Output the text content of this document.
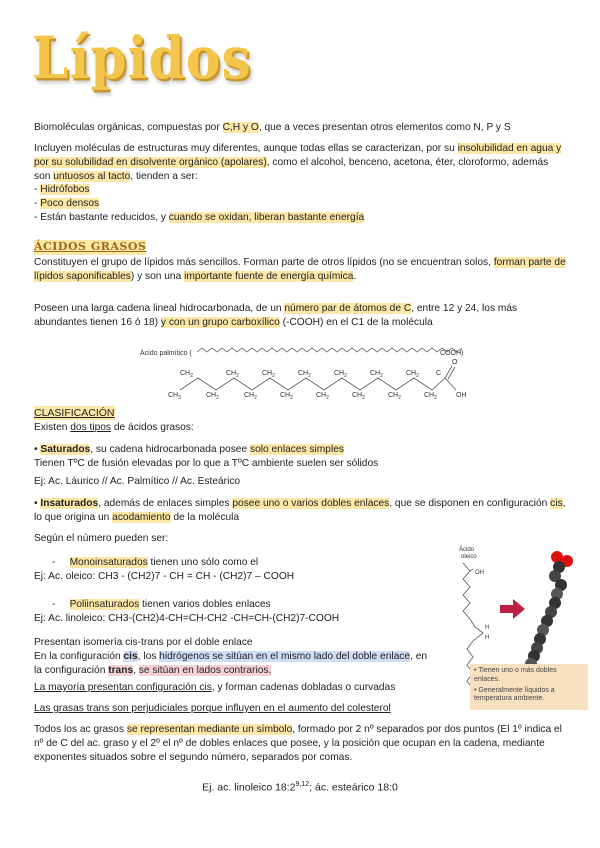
Lípidos

Biomoléculas orgánicas, compuestas por C,H y O, que a veces presentan otros elementos como N, P y S

Incluyen moléculas de estructuras muy diferentes, aunque todas ellas se caracterizan, por su insolubilidad en agua y por su solubilidad en disolvente orgánico (apolares), como el alcohol, benceno, acetona, éter, cloroformo, además son untuosos al tacto, tienden a ser:
- Hidrófobos
- Poco densos
- Están bastante reducidos, y cuando se oxidan, liberan bastante energía

ÁCIDOS GRASOS

Constituyen el grupo de lípidos más sencillos. Forman parte de otros lípidos (no se encuentran solos, forman parte de lípidos saponificables) y son una importante fuente de energía química.

Poseen una larga cadena lineal hidrocarbonada, de un número par de átomos de C, entre 12 y 24, los más abundantes tienen 16 ó 18) y con un grupo carboxílico (-COOH) en el C1 de la molécula

Ácido palmítico (	COOH)
O
OH
$CH_3$
$CH_2$
$CH_2$
$CH_2$
$CH_2$
$CH_2$
$CH_2$
$CH_2$
$CH_2$
$CH_2$
$CH_2$
$CH_2$
$CH_2$
$CH_2$
$CH_2$
C
CLASIFICACIÓN

Existen dos tipos de ácidos grasos:

• Saturados, su cadena hidrocarbonada posee solo enlaces simples
Tienen TºC de fusión elevadas por lo que a TºC ambiente suelen ser sólidos

Ej: Ac. Láurico // Ac. Palmítico // Ac. Esteárico

• Insaturados, además de enlaces simples posee uno o varios dobles enlaces, que se disponen en configuración cis, lo que origina un acodamiento de la molécula

Según el número pueden ser:

- Monoinsaturados tienen uno sólo como el

Ej: Ac. oleico: CH3 - (CH2)7 - CH = CH - (CH2)7 – COOH

- Poliinsaturados tienen varios dobles enlaces

Ej: Ac. linoleico: CH3-(CH2)4-CH=CH-CH2 -CH=CH-(CH2)7-COOH

Presentan isomería cis-trans por el doble enlace

En la configuración cis, los hidrógenos se sitúan en el mismo lado del doble enlace, en la configuración trans, se sitúan en lados contrarios.

La mayoría presentan configuración cis, y forman cadenas dobladas o curvadas

Las grasas trans son perjudiciales porque influyen en el aumento del colesterol

Todos los ac grasos se representan mediante un símbolo, formado por 2 nº separados por dos puntos (El 1º indica el nº de C del ac. graso y el 2º el nº de dobles enlaces que posee, y la posición que ocupan en la cadena, mediante exponentes situados sobre el segundo número, separados por comas.

Ej. ac. linoleico 18:2$^{9,12}$; ác. esteárico 18:0
Ácido
oleico
OH
H
H
• Tienen uno o más dobles enlaces.
• Generalmente líquidos a temperatura ambiente.
